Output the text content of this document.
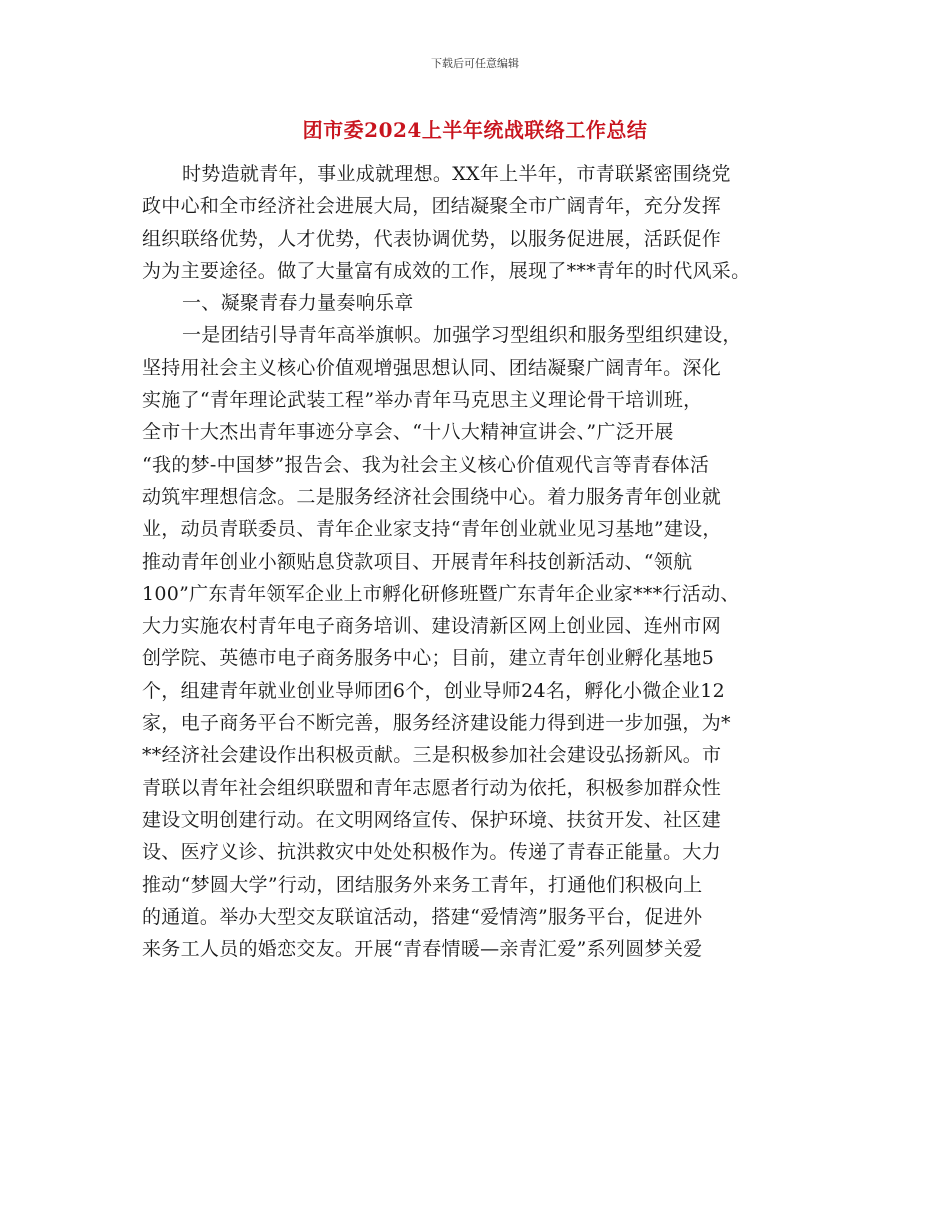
下载后可任意编辑
团市委2024上半年统战联络工作总结
时势造就青年，事业成就理想。XX年上半年，市青联紧密围绕党
政中心和全市经济社会进展大局，团结凝聚全市广阔青年，充分发挥
组织联络优势，人才优势，代表协调优势，以服务促进展，活跃促作
为为主要途径。做了大量富有成效的工作，展现了***青年的时代风采。
一、凝聚青春力量奏响乐章
一是团结引导青年高举旗帜。加强学习型组织和服务型组织建设，
坚持用社会主义核心价值观增强思想认同、团结凝聚广阔青年。深化
实施了“青年理论武装工程”举办青年马克思主义理论骨干培训班，
全市十大杰出青年事迹分享会、“十八大精神宣讲会、”广泛开展
“我的梦-中国梦”报告会、我为社会主义核心价值观代言等青春体活
动筑牢理想信念。二是服务经济社会围绕中心。着力服务青年创业就
业，动员青联委员、青年企业家支持“青年创业就业见习基地”建设，
推动青年创业小额贴息贷款项目、开展青年科技创新活动、“领航
100”广东青年领军企业上市孵化研修班暨广东青年企业家***行活动、
大力实施农村青年电子商务培训、建设清新区网上创业园、连州市网
创学院、英德市电子商务服务中心；目前，建立青年创业孵化基地5
个，组建青年就业创业导师团6个，创业导师24名，孵化小微企业12
家，电子商务平台不断完善，服务经济建设能力得到进一步加强，为*
**经济社会建设作出积极贡献。三是积极参加社会建设弘扬新风。市
青联以青年社会组织联盟和青年志愿者行动为依托，积极参加群众性
建设文明创建行动。在文明网络宣传、保护环境、扶贫开发、社区建
设、医疗义诊、抗洪救灾中处处积极作为。传递了青春正能量。大力
推动“梦圆大学”行动，团结服务外来务工青年，打通他们积极向上
的通道。举办大型交友联谊活动，搭建“爱情湾”服务平台，促进外
来务工人员的婚恋交友。开展“青春情暖—亲青汇爱”系列圆梦关爱
